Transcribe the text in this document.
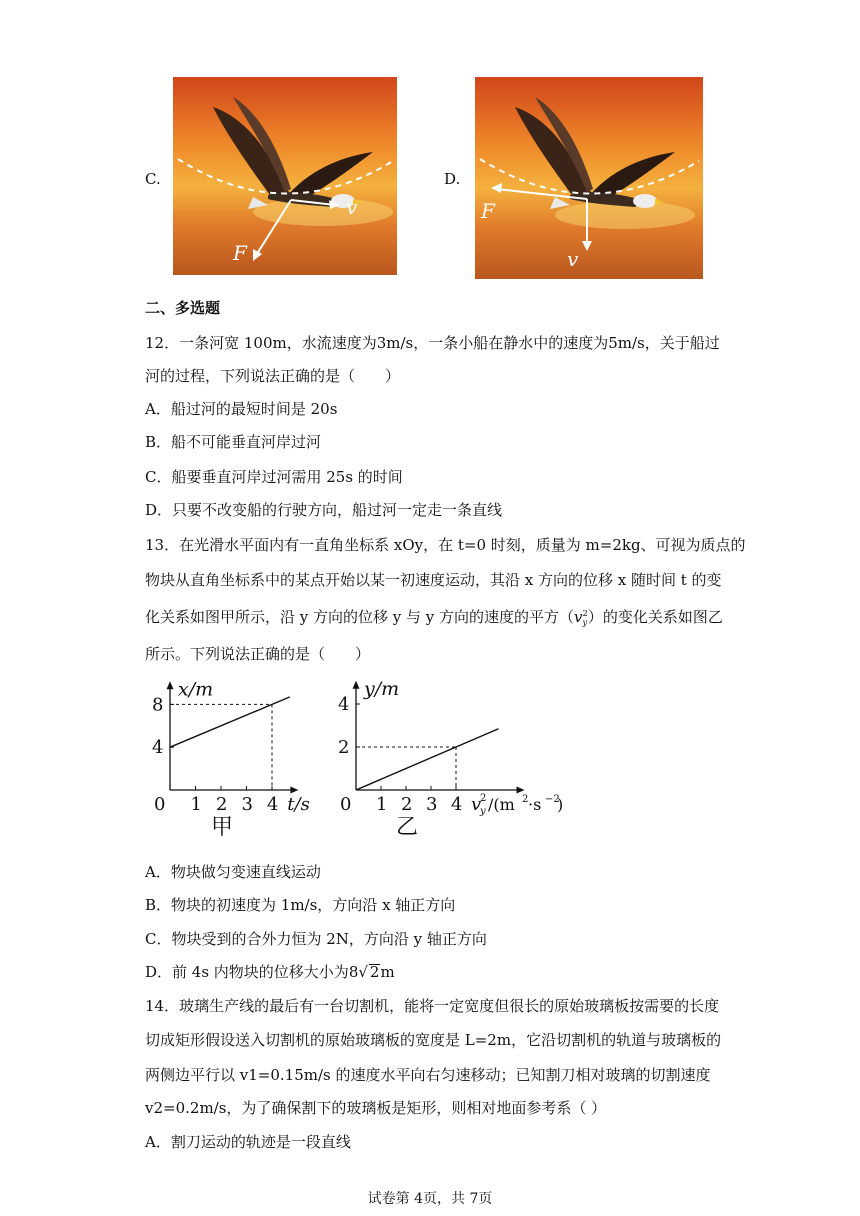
C.
v
F
D.
F
v
二、多选题
12．一条河宽 100m，水流速度为3m/s，一条小船在静水中的速度为5m/s，关于船过
河的过程，下列说法正确的是（　　）
A．船过河的最短时间是 20s
B．船不可能垂直河岸过河
C．船要垂直河岸过河需用 25s 的时间
D．只要不改变船的行驶方向，船过河一定走一条直线
13．在光滑水平面内有一直角坐标系 xOy，在 t=0 时刻，质量为 m=2kg、可视为质点的
物块从直角坐标系中的某点开始以某一初速度运动，其沿 x 方向的位移 x 随时间 t 的变
化关系如图甲所示，沿 y 方向的位移 y 与 y 方向的速度的平方（v 2
y ）的变化关系如图乙
所示。下列说法正确的是（　　）
0 1 2 3 4
4
8
x/m
甲
t/s 0 1 2 3 4
2
4
y/m
乙
v
2
y /(m 2 ·s −2
)
A．物块做匀变速直线运动
B．物块的初速度为 1m/s，方向沿 x 轴正方向
C．物块受到的合外力恒为 2N，方向沿 y 轴正方向
D．前 4s 内物块的位移大小为8√ 2m
14．玻璃生产线的最后有一台切割机，能将一定宽度但很长的原始玻璃板按需要的长度
切成矩形假设送入切割机的原始玻璃板的宽度是 L=2m，它沿切割机的轨道与玻璃板的
两侧边平行以 v1=0.15m/s 的速度水平向右匀速移动；已知割刀相对玻璃的切割速度
v2=0.2m/s，为了确保割下的玻璃板是矩形，则相对地面参考系（ ）
A．割刀运动的轨迹是一段直线
试卷第 4页，共 7页
